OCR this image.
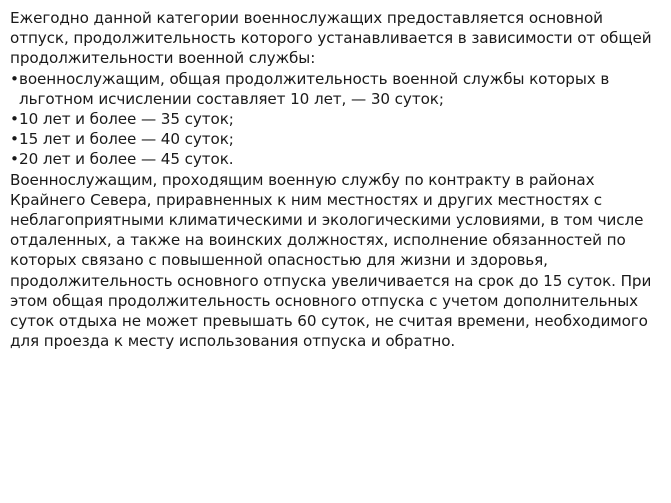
Ежегодно данной категории военнослужащих предоставляется основной отпуск, продолжительность которого устанавливается в зависимости от общей продолжительности военной службы:

• военнослужащим, общая продолжительность военной службы которых в льготном исчислении составляет 10 лет, — 30 суток;
• 10 лет и более — 35 суток;
• 15 лет и более — 40 суток;
• 20 лет и более — 45 суток.

Военнослужащим, проходящим военную службу по контракту в районах Крайнего Севера, приравненных к ним местностях и других местностях с неблагоприятными климатическими и экологическими условиями, в том числе отдаленных, а также на воинских должностях, исполнение обязанностей по которых связано с повышенной опасностью для жизни и здоровья, продолжительность основного отпуска увеличивается на срок до 15 суток. При этом общая продолжительность основного отпуска с учетом дополнительных суток отдыха не может превышать 60 суток, не считая времени, необходимого для проезда к месту использования отпуска и обратно.
